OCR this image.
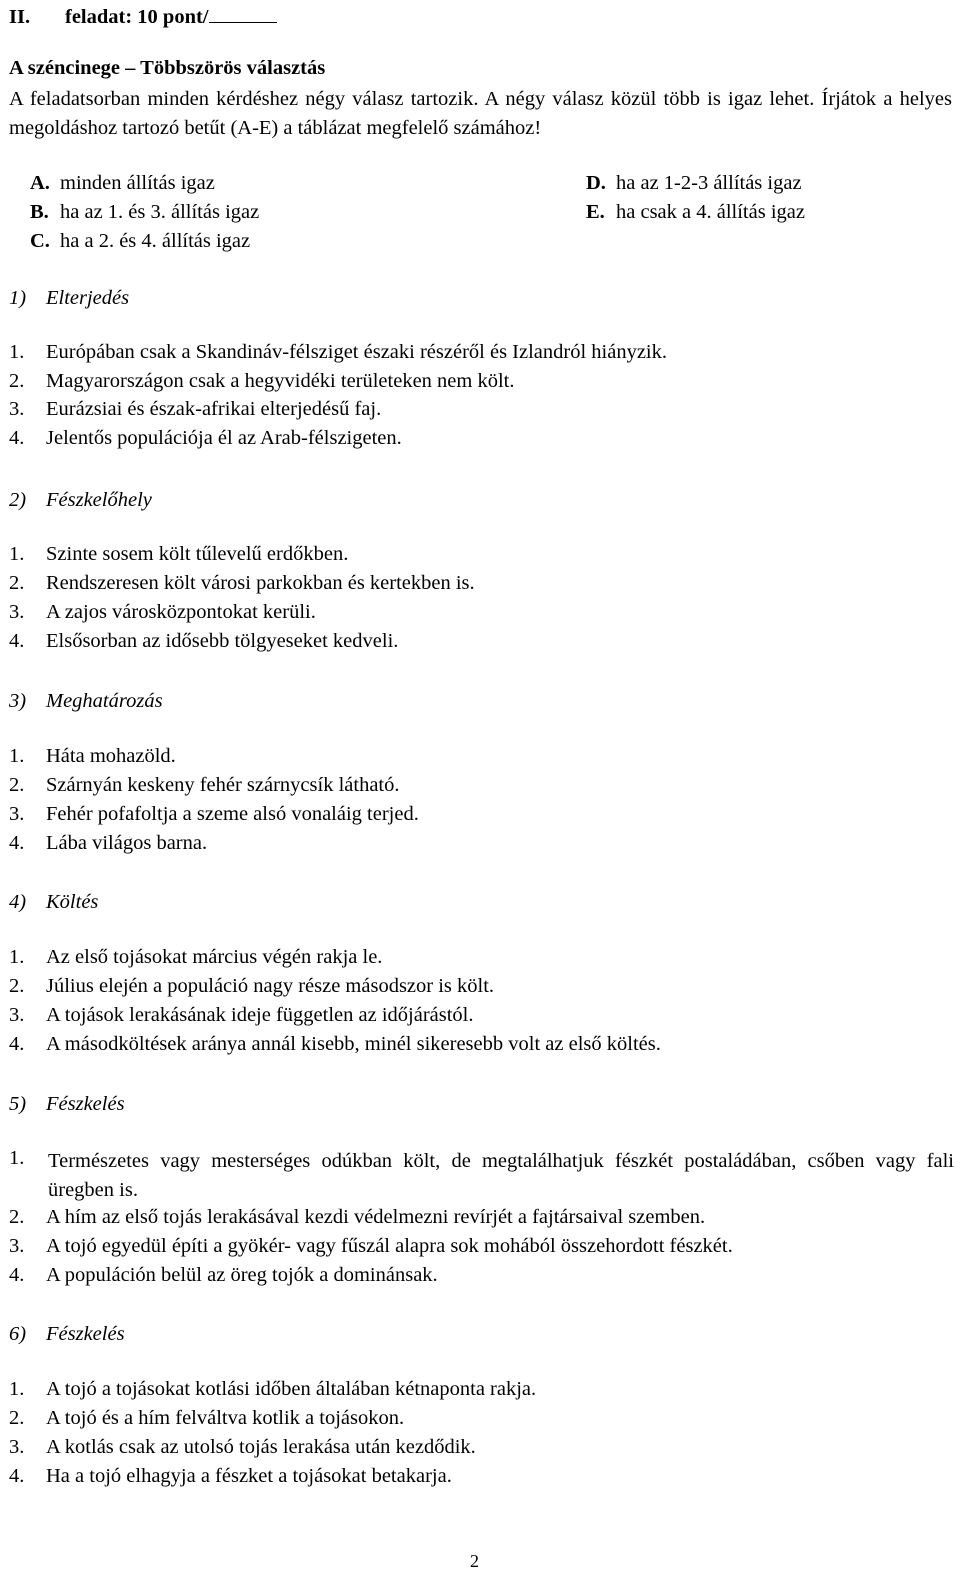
II. feladat: 10 pont/
A széncinege – Többszörös választás
A feladatsorban minden kérdéshez négy válasz tartozik. A négy válasz közül több is igaz lehet. Írjátok a helyes megoldáshoz tartozó betűt (A-E) a táblázat megfelelő számához!
A. minden állítás igaz
B. ha az 1. és 3. állítás igaz
C. ha a 2. és 4. állítás igaz
D. ha az 1-2-3 állítás igaz
E. ha csak a 4. állítás igaz
1) Elterjedés
1. Európában csak a Skandináv-félsziget északi részéről és Izlandról hiányzik.
2. Magyarországon csak a hegyvidéki területeken nem költ.
3. Eurázsiai és észak-afrikai elterjedésű faj.
4. Jelentős populációja él az Arab-félszigeten.
2) Fészkelőhely
1. Szinte sosem költ tűlevelű erdőkben.
2. Rendszeresen költ városi parkokban és kertekben is.
3. A zajos városközpontokat kerüli.
4. Elsősorban az idősebb tölgyeseket kedveli.
3) Meghatározás
1. Háta mohazöld.
2. Szárnyán keskeny fehér szárnycsík látható.
3. Fehér pofafoltja a szeme alsó vonaláig terjed.
4. Lába világos barna.
4) Költés
1. Az első tojásokat március végén rakja le.
2. Július elején a populáció nagy része másodszor is költ.
3. A tojások lerakásának ideje független az időjárástól.
4. A másodköltések aránya annál kisebb, minél sikeresebb volt az első költés.
5) Fészkelés
1.	Természetes vagy mesterséges odúkban költ, de megtalálhatjuk fészkét postaládában, csőben vagy fali üregben is.
2. A hím az első tojás lerakásával kezdi védelmezni revírjét a fajtársaival szemben.
3. A tojó egyedül építi a gyökér- vagy fűszál alapra sok mohából összehordott fészkét.
4. A populáción belül az öreg tojók a dominánsak.
6) Fészkelés
1. A tojó a tojásokat kotlási időben általában kétnaponta rakja.
2. A tojó és a hím felváltva kotlik a tojásokon.
3. A kotlás csak az utolsó tojás lerakása után kezdődik.
4. Ha a tojó elhagyja a fészket a tojásokat betakarja.
2
